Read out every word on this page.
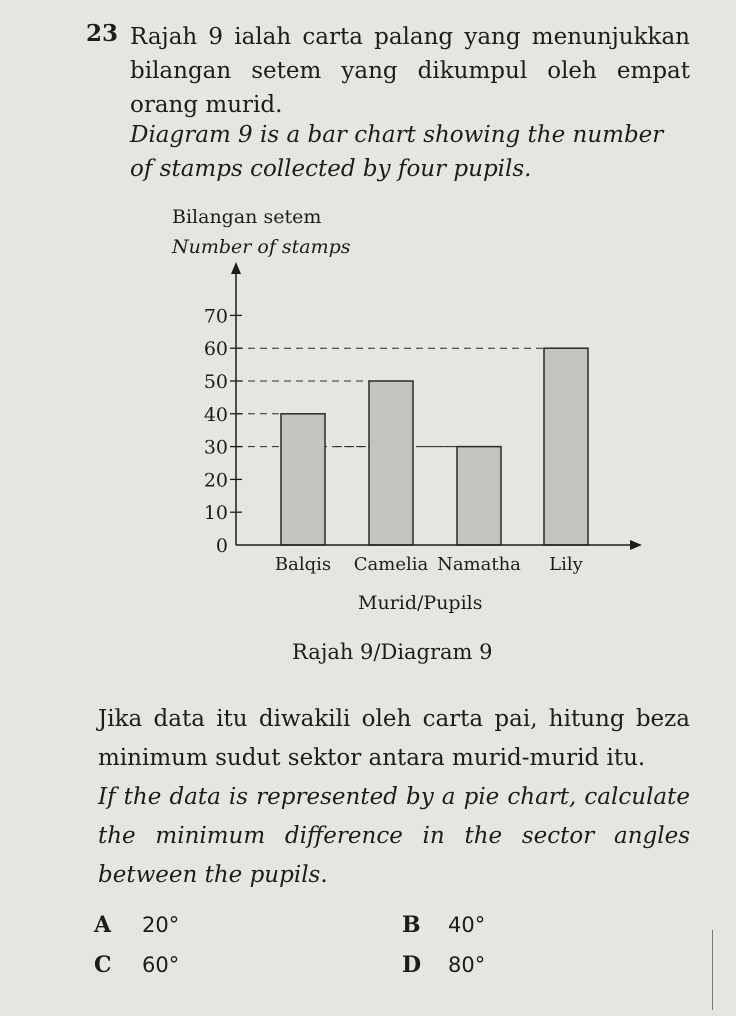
23 Rajah 9 ialah carta palang yang menunjukkan bilangan setem yang dikumpul oleh empat orang murid.
Diagram 9 is a bar chart showing the number of stamps collected by four pupils.
Bilangan setem
Number of stamps
0
10
20
30
40
50
60
70
Balqis Camelia Namatha Lily
Murid/Pupils
Rajah 9/Diagram 9
Jika data itu diwakili oleh carta pai, hitung beza minimum sudut sektor antara murid-murid itu.
If the data is represented by a pie chart, calculate the minimum difference in the sector angles between the pupils.
A 20°	B 40°
C 60°	D 80°
